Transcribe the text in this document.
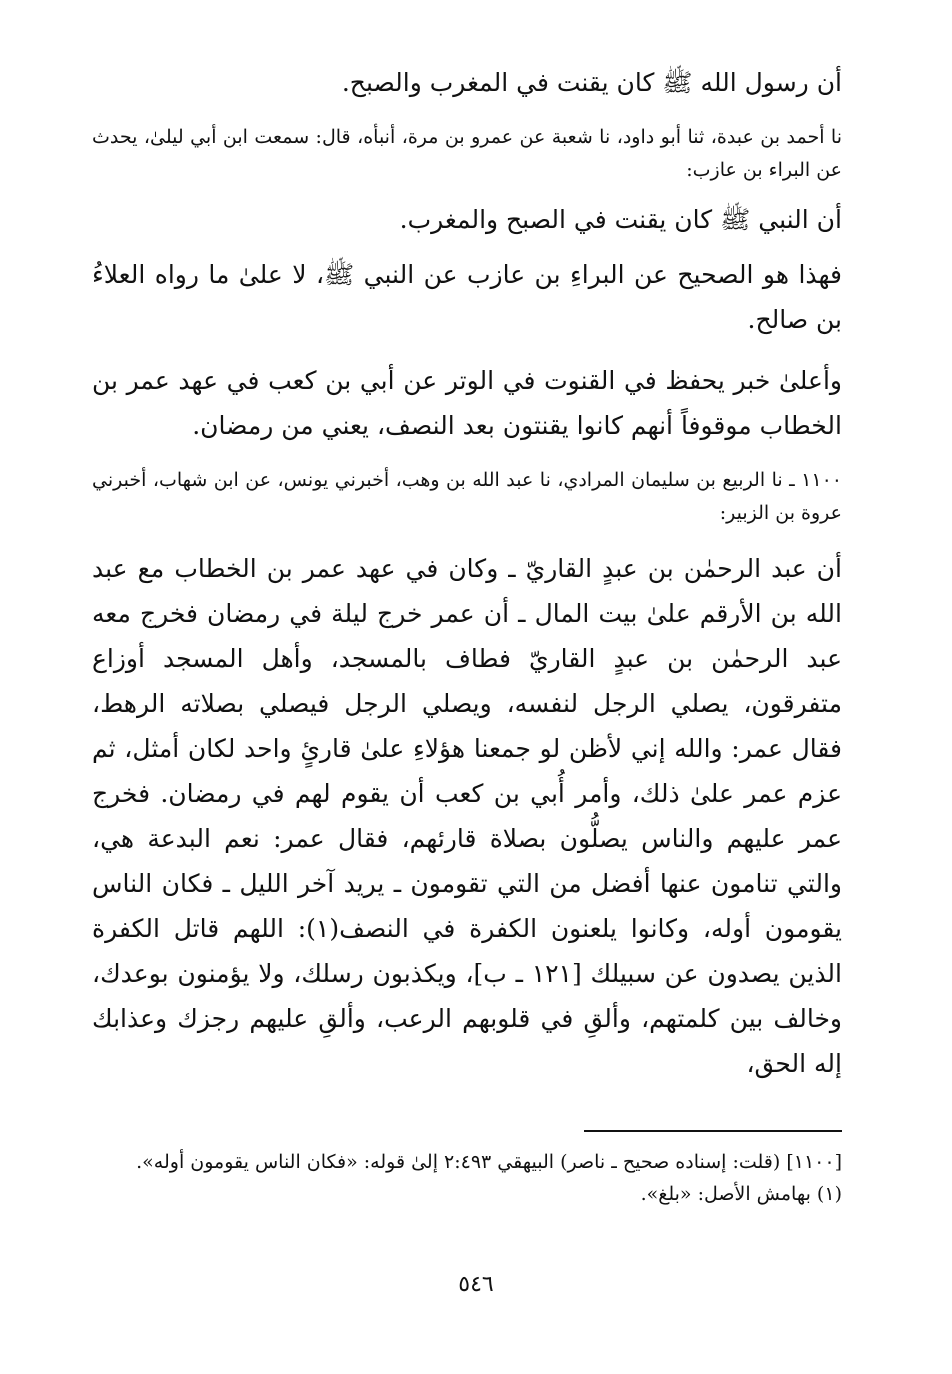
أن رسول الله ﷺ كان يقنت في المغرب والصبح.

نا أحمد بن عبدة، ثنا أبو داود، نا شعبة عن عمرو بن مرة، أنبأه، قال: سمعت ابن أبي ليلىٰ، يحدث عن البراء بن عازب:

أن النبي ﷺ كان يقنت في الصبح والمغرب.

فهذا هو الصحيح عن البراءِ بن عازب عن النبي ﷺ، لا علىٰ ما رواه العلاءُ بن صالح.

وأعلىٰ خبر يحفظ في القنوت في الوتر عن أبي بن كعب في عهد عمر بن الخطاب موقوفاً أنهم كانوا يقنتون بعد النصف، يعني من رمضان.

١١٠٠ ـ نا الربيع بن سليمان المرادي، نا عبد الله بن وهب، أخبرني يونس، عن ابن شهاب، أخبرني عروة بن الزبير:

أن عبد الرحمٰن بن عبدٍ القاريّ ـ وكان في عهد عمر بن الخطاب مع عبد الله بن الأرقم علىٰ بيت المال ـ أن عمر خرج ليلة في رمضان فخرج معه عبد الرحمٰن بن عبدٍ القاريّ فطاف بالمسجد، وأهل المسجد أوزاع متفرقون، يصلي الرجل لنفسه، ويصلي الرجل فيصلي بصلاته الرهط، فقال عمر: والله إني لأظن لو جمعنا هؤلاءِ علىٰ قارئٍ واحد لكان أمثل، ثم عزم عمر علىٰ ذلك، وأمر أُبي بن كعب أن يقوم لهم في رمضان. فخرج عمر عليهم والناس يصلُّون بصلاة قارئهم، فقال عمر: نعم البدعة هي، والتي تنامون عنها أفضل من التي تقومون ـ يريد آخر الليل ـ فكان الناس يقومون أوله، وكانوا يلعنون الكفرة في النصف(١): اللهم قاتل الكفرة الذين يصدون عن سبيلك [١٢١ ـ ب]، ويكذبون رسلك، ولا يؤمنون بوعدك، وخالف بين كلمتهم، وألقِ في قلوبهم الرعب، وألقِ عليهم رجزك وعذابك إله الحق،

[١١٠٠] (قلت: إسناده صحيح ـ ناصر) البيهقي ٢:٤٩٣ إلىٰ قوله: «فكان الناس يقومون أوله».

(١) بهامش الأصل: «بلغ».

٥٤٦
